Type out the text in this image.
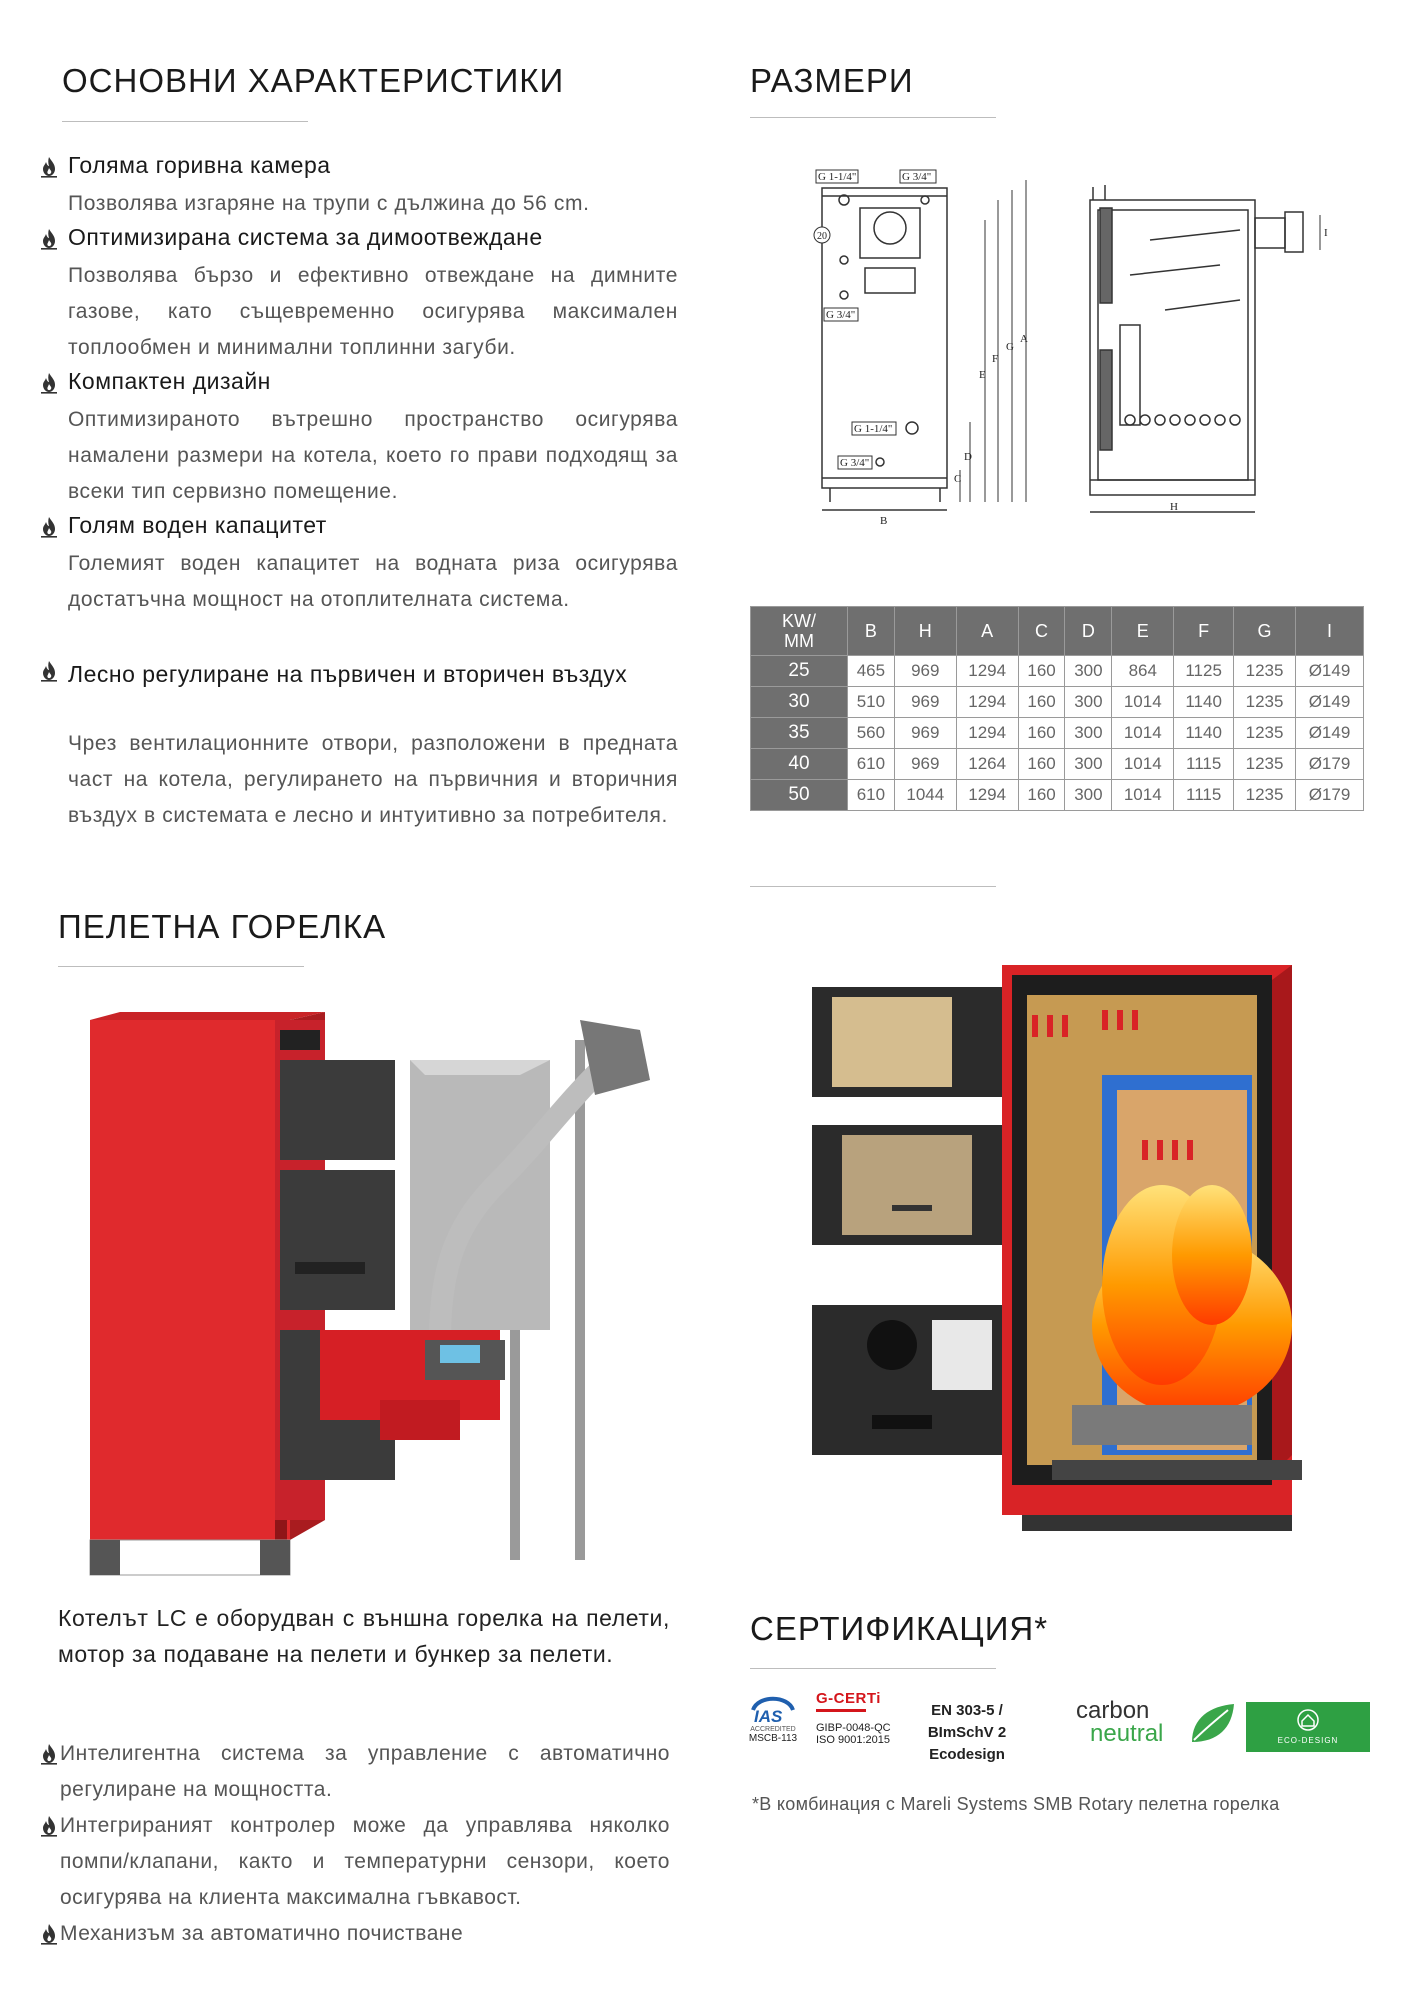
ОСНОВНИ ХАРАКТЕРИСТИКИ
Голяма горивна камера
Позволява изгаряне на трупи с дължина до 56 cm.
Оптимизирана система за димоотвеждане
Позволява бързо и ефективно отвеждане на димните газове, като същевременно осигурява максимален топлообмен и минимални топлинни загуби.
Компактен дизайн
Оптимизираното вътрешно пространство осигурява намалени размери на котела, което го прави подходящ за всеки тип сервизно помещение.
Голям воден капацитет
Големият воден капацитет на водната риза осигурява достатъчна мощност на отоплителната система.
Лесно регулиране на първичен и вторичен въздух
Чрез вентилационните отвори, разположени в предната част на котела, регулирането на първичния и вторичния въздух в системата е лесно и интуитивно за потребителя.
РАЗМЕРИ
G 1-1/4"	G 3/4"
20
G 3/4"
G 1-1/4"
G 3/4"
B
C
D
E
F
G
A
H
I
KW/
MM	B	H	A	C	D	E	F	G	I
25	465	969	1294	160	300	864	1125	1235	Ø149
30	510	969	1294	160	300	1014	1140	1235	Ø149
35	560	969	1294	160	300	1014	1140	1235	Ø149
40	610	969	1264	160	300	1014	1115	1235	Ø179
50	610	1044	1294	160	300	1014	1115	1235	Ø179
ПЕЛЕТНА ГОРЕЛКА
Котелът LC е оборудван с външна горелка на пелети, мотор за подаване на пелети и бункер за пелети.
Интелигентна система за управление с автоматично регулиране на мощността.
Интегрираният контролер може да управлява няколко помпи/клапани, както и температурни сензори, което осигурява на клиента максимална гъвкавост.
Механизъм за автоматично почистване
СЕРТИФИКАЦИЯ*
IAS
ACCREDITED
MSCB-113
G-CERTi
GIBP-0048-QC
ISO 9001:2015
EN 303-5 / BImSchV 2
Ecodesign
carbon
neutral	ECO-DESIGN
*В комбинация с Mareli Systems SMB Rotary пелетна горелка
